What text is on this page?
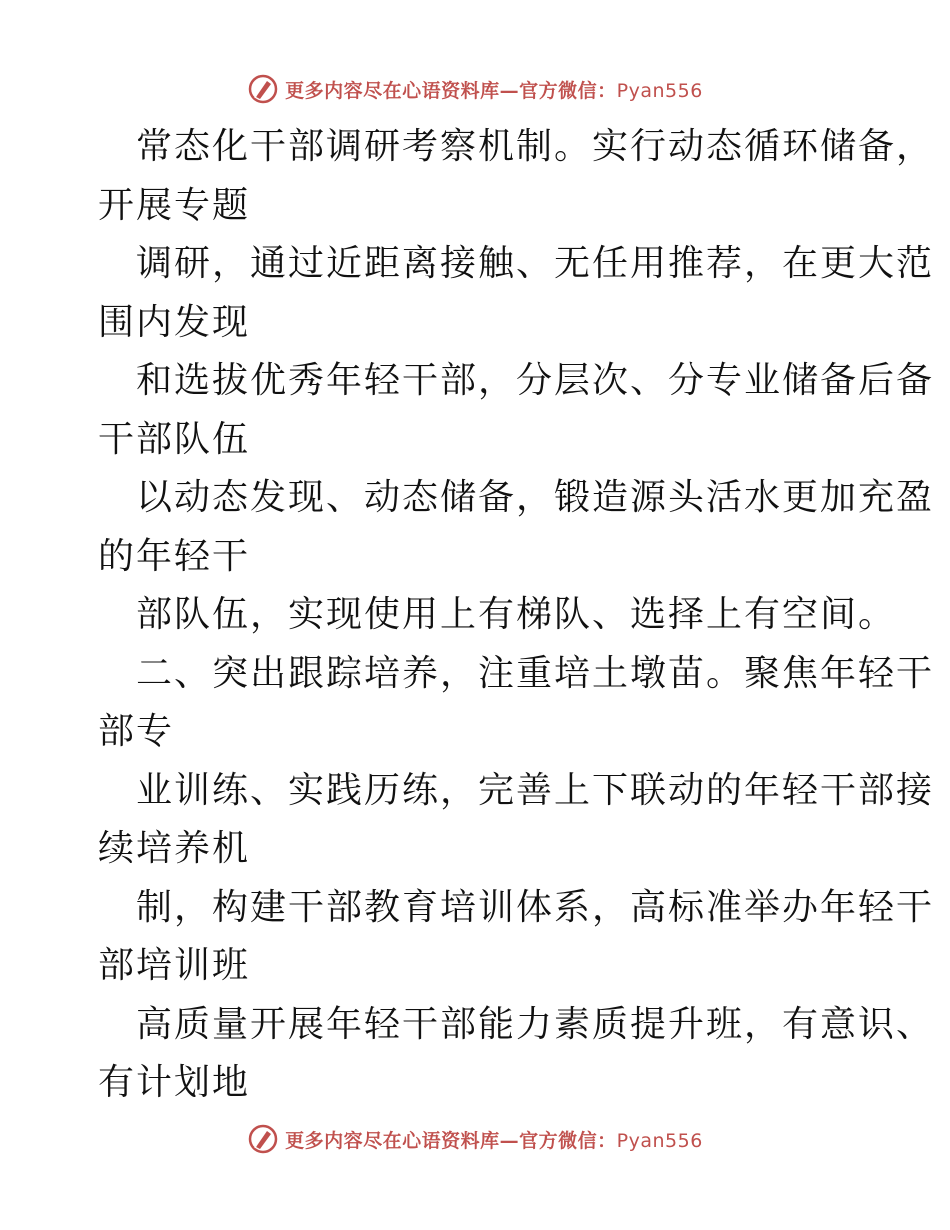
更多内容尽在心语资料库—官方微信：Pyan556
常态化干部调研考察机制。实行动态循环储备，
开展专题
调研，通过近距离接触、无任用推荐，在更大范
围内发现
和选拔优秀年轻干部，分层次、分专业储备后备
干部队伍
以动态发现、动态储备，锻造源头活水更加充盈
的年轻干
部队伍，实现使用上有梯队、选择上有空间。
二、突出跟踪培养，注重培土墩苗。聚焦年轻干
部专
业训练、实践历练，完善上下联动的年轻干部接
续培养机
制，构建干部教育培训体系，高标准举办年轻干
部培训班
高质量开展年轻干部能力素质提升班，有意识、
有计划地
更多内容尽在心语资料库—官方微信：Pyan556
